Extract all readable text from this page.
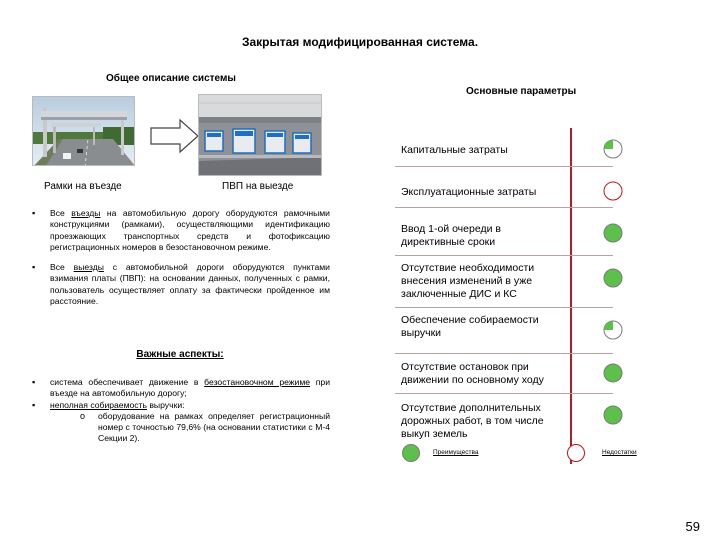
Закрытая модифицированная система.
Общее описание системы
Основные параметры
Рамки на въезде	ПВП на выезде
▪ Все въезды на автомобильную дорогу оборудуются рамочными конструкциями (рамками), осуществляющими идентификацию проезжающих транспортных средств и фотофиксацию регистрационных номеров в безостановочном режиме.
▪ Все выезды с автомобильной дороги оборудуются пунктами взимания платы (ПВП): на основании данных, полученных с рамки, пользователь осуществляет оплату за фактически пройденное им расстояние.
Важные аспекты:
▪ система обеспечивает движение в безостановочном режиме при въезде на автомобильную дорогу;
▪ неполная собираемость выручки:
o оборудование на рамках определяет регистрационный номер с точностью 79,6% (на основании статистики с М-4 Секции 2).
Капитальные затраты
Эксплуатационные затраты
Ввод 1-ой очереди в директивные сроки
Отсутствие необходимости внесения изменений в уже заключенные ДИС и КС
Обеспечение собираемости выручки
Отсутствие остановок при движении по основному ходу
Отсутствие дополнительных дорожных работ, в том числе выкуп земель
Преимущества	Недостатки
59
